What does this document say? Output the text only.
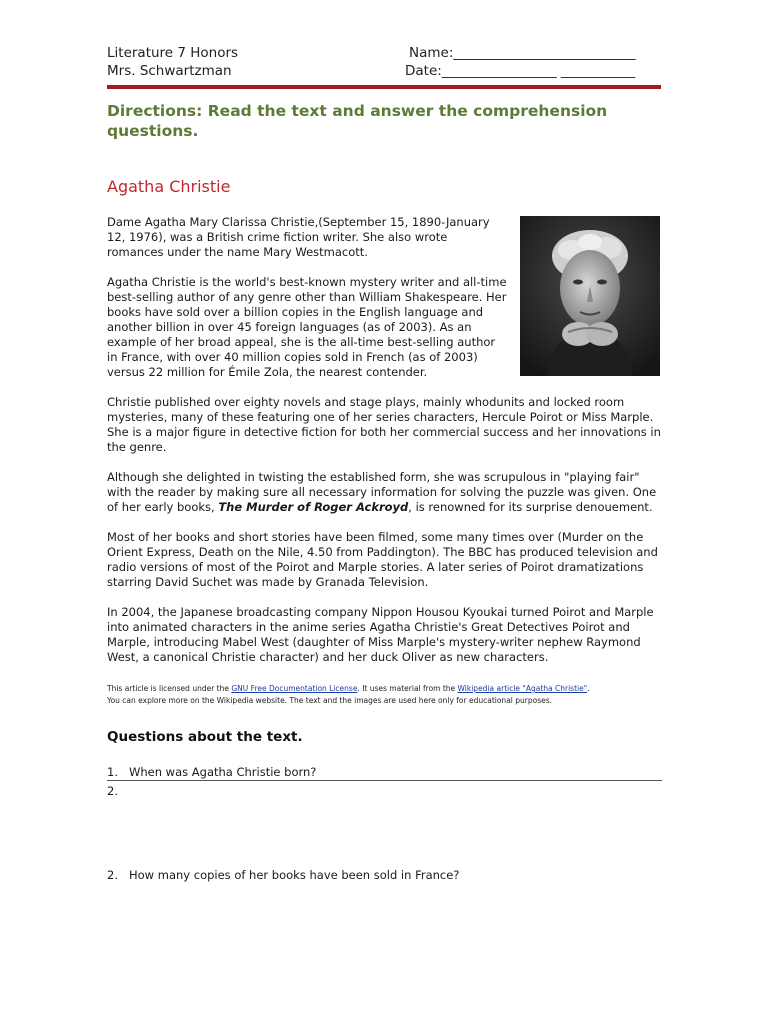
Literature 7 Honors
Mrs. Schwartzman
Name:___________________________
Date:_________________ ___________
Directions: Read the text and answer the comprehension questions.
Agatha Christie

Dame Agatha Mary Clarissa Christie,(September 15, 1890-January 12, 1976), was a British crime fiction writer. She also wrote romances under the name Mary Westmacott.

Agatha Christie is the world's best-known mystery writer and all-time best-selling author of any genre other than William Shakespeare. Her books have sold over a billion copies in the English language and another billion in over 45 foreign languages (as of 2003). As an example of her broad appeal, she is the all-time best-selling author in France, with over 40 million copies sold in French (as of 2003) versus 22 million for Émile Zola, the nearest contender.

Christie published over eighty novels and stage plays, mainly whodunits and locked room mysteries, many of these featuring one of her series characters, Hercule Poirot or Miss Marple. She is a major figure in detective fiction for both her commercial success and her innovations in the genre.

Although she delighted in twisting the established form, she was scrupulous in "playing fair" with the reader by making sure all necessary information for solving the puzzle was given. One of her early books, The Murder of Roger Ackroyd, is renowned for its surprise denouement.

Most of her books and short stories have been filmed, some many times over (Murder on the Orient Express, Death on the Nile, 4.50 from Paddington). The BBC has produced television and radio versions of most of the Poirot and Marple stories. A later series of Poirot dramatizations starring David Suchet was made by Granada Television.

In 2004, the Japanese broadcasting company Nippon Housou Kyoukai turned Poirot and Marple into animated characters in the anime series Agatha Christie's Great Detectives Poirot and Marple, introducing Mabel West (daughter of Miss Marple's mystery-writer nephew Raymond West, a canonical Christie character) and her duck Oliver as new characters.

This article is licensed under the GNU Free Documentation License. It uses material from the Wikipedia article "Agatha Christie".
You can explore more on the Wikipedia website. The text and the images are used here only for educational purposes.
Questions about the text.
1. When was Agatha Christie born?
2.
2. How many copies of her books have been sold in France?
